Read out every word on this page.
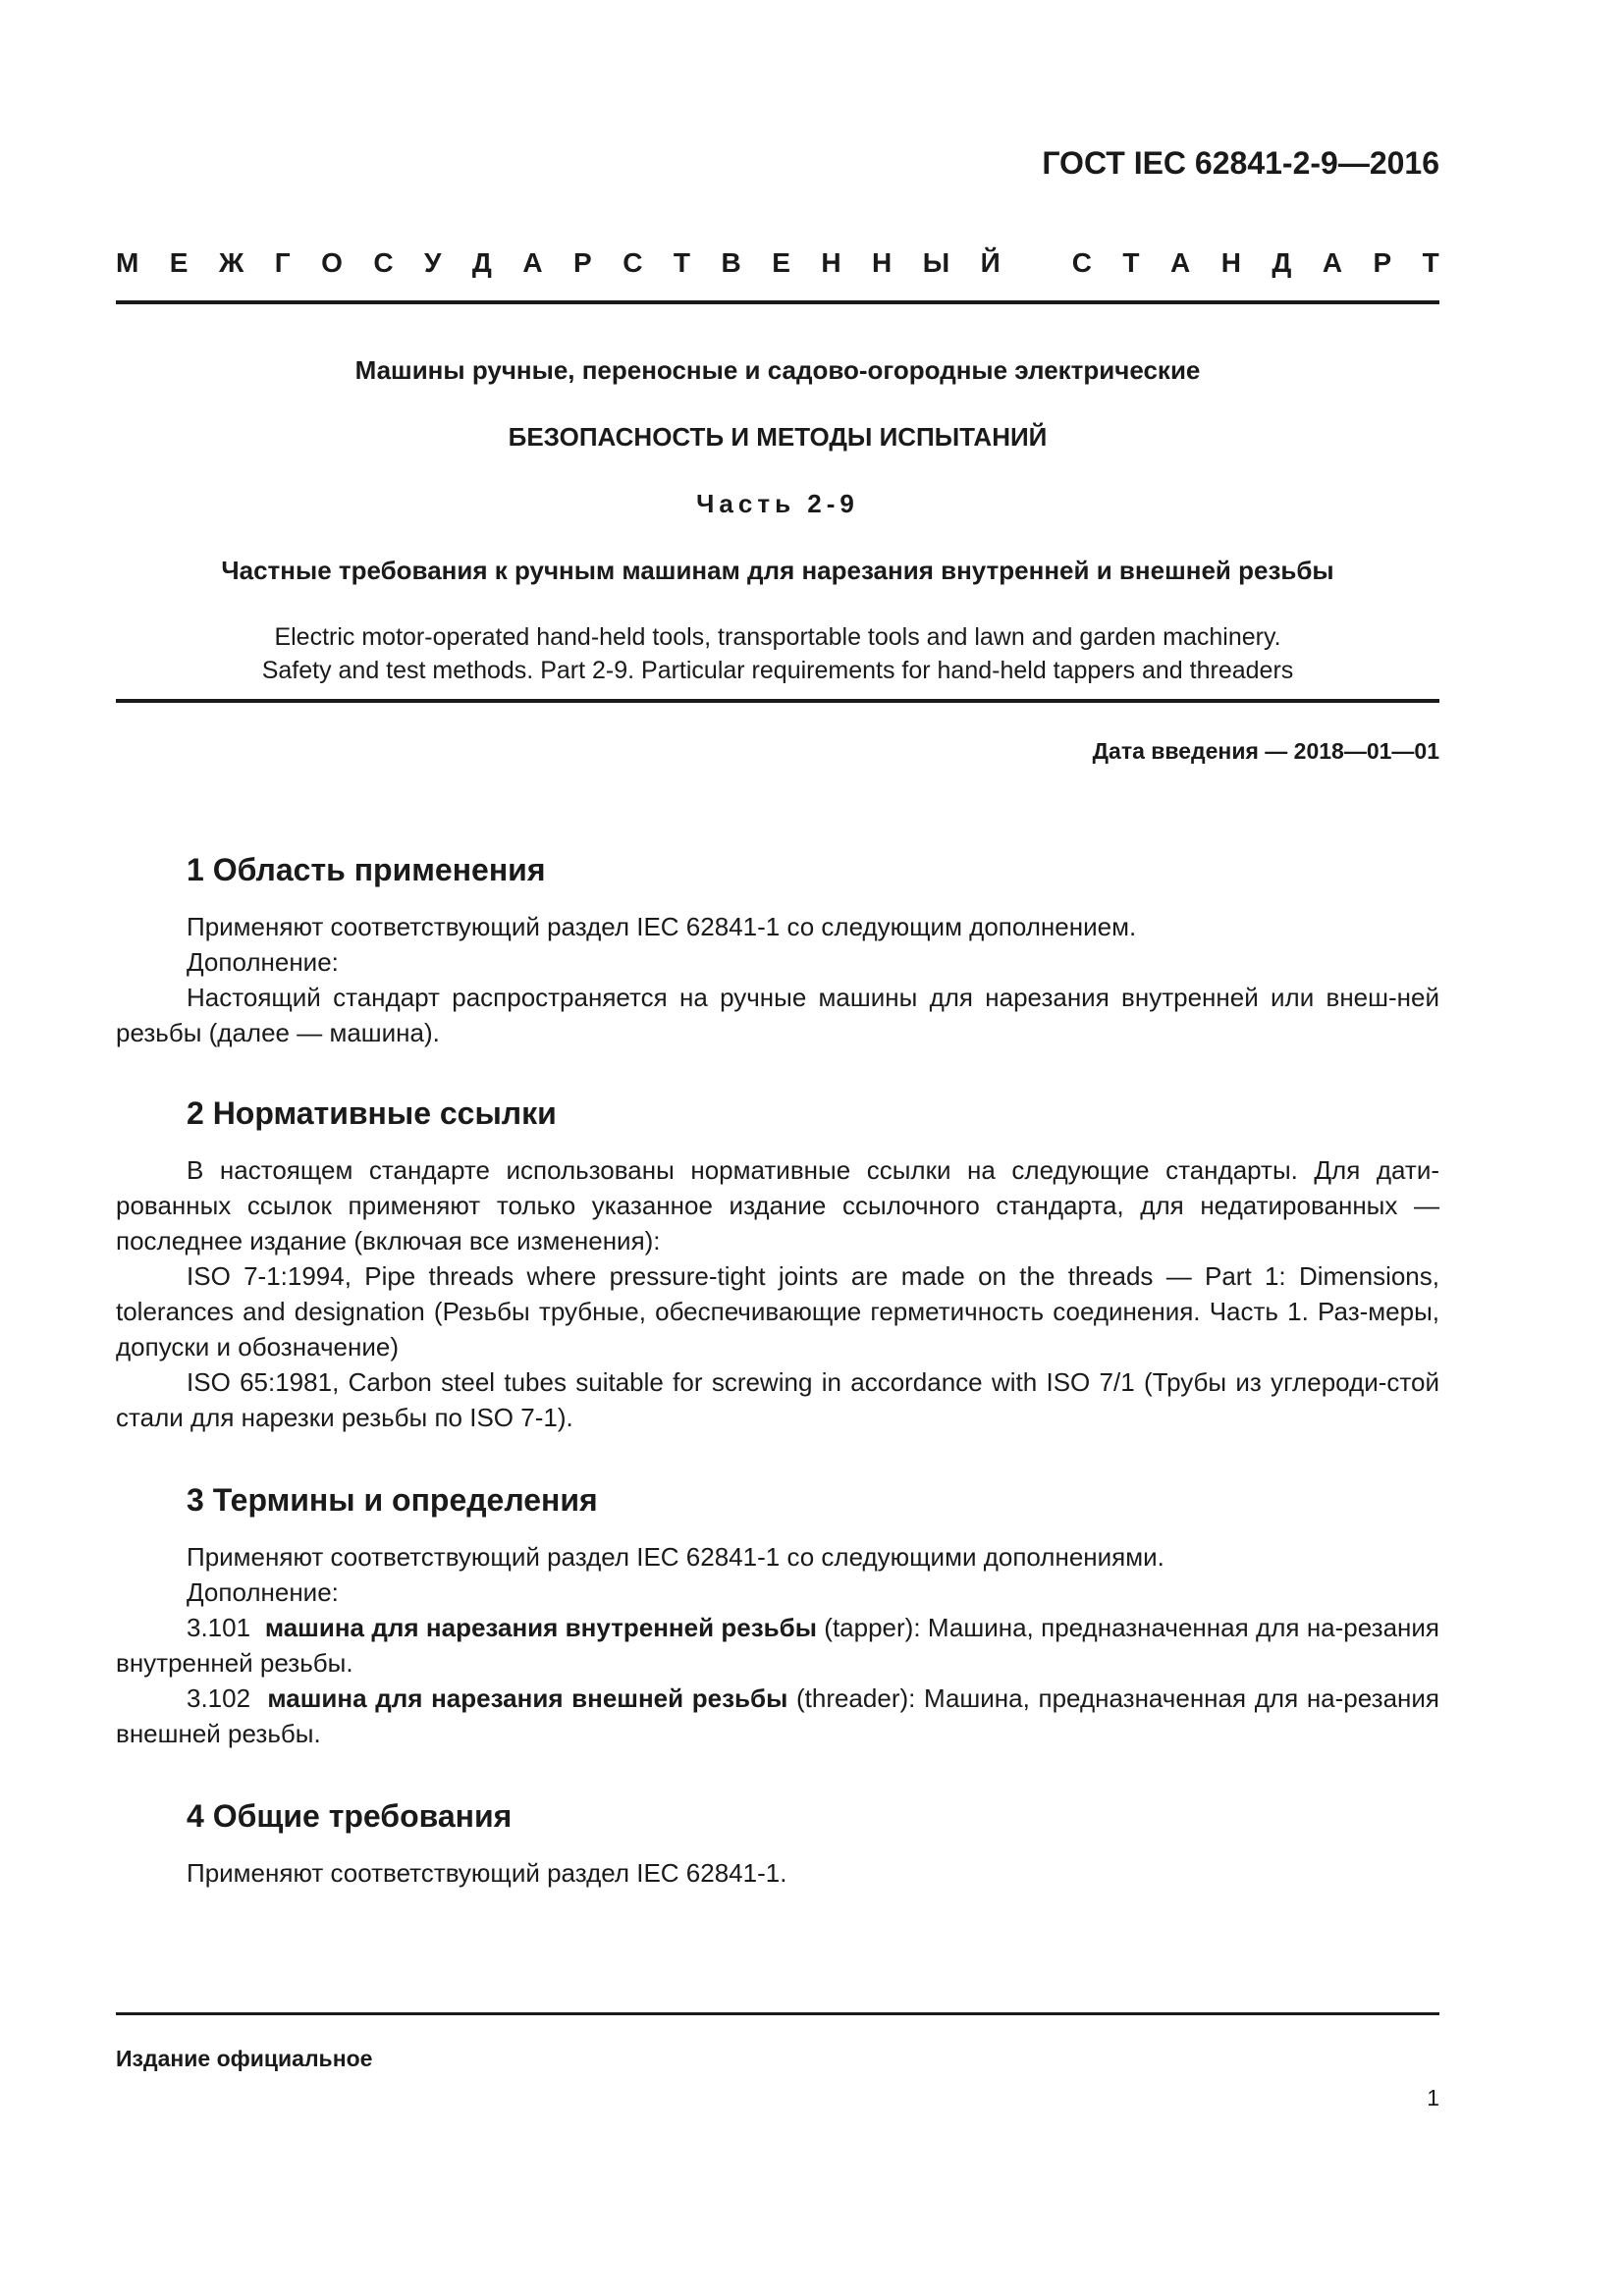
ГОСТ IEC 62841-2-9—2016
М Е Ж Г О С У Д А Р С Т В Е Н Н Ы Й	С Т А Н Д А Р Т
Машины ручные, переносные и садово-огородные электрические
БЕЗОПАСНОСТЬ И МЕТОДЫ ИСПЫТАНИЙ
Часть 2-9
Частные требования к ручным машинам для нарезания внутренней и внешней резьбы
Electric motor-operated hand-held tools, transportable tools and lawn and garden machinery.
Safety and test methods. Part 2-9. Particular requirements for hand-held tappers and threaders
Дата введения — 2018—01—01
1 Область применения

Применяют соответствующий раздел IEC 62841-1 со следующим дополнением.

Дополнение:

Настоящий стандарт распространяется на ручные машины для нарезания внутренней или внеш-ней резьбы (далее — машина).

2 Нормативные ссылки

В настоящем стандарте использованы нормативные ссылки на следующие стандарты. Для дати-рованных ссылок применяют только указанное издание ссылочного стандарта, для недатированных — последнее издание (включая все изменения):

ISO 7-1:1994, Pipe threads where pressure-tight joints are made on the threads — Part 1: Dimensions, tolerances and designation (Резьбы трубные, обеспечивающие герметичность соединения. Часть 1. Раз-меры, допуски и обозначение)

ISO 65:1981, Carbon steel tubes suitable for screwing in accordance with ISO 7/1 (Трубы из углероди-стой стали для нарезки резьбы по ISO 7-1).

3 Термины и определения

Применяют соответствующий раздел IEC 62841-1 со следующими дополнениями.

Дополнение:

3.101 машина для нарезания внутренней резьбы (tapper): Машина, предназначенная для на-резания внутренней резьбы.

3.102 машина для нарезания внешней резьбы (threader): Машина, предназначенная для на-резания внешней резьбы.

4 Общие требования

Применяют соответствующий раздел IEC 62841-1.

Издание официальное
1
